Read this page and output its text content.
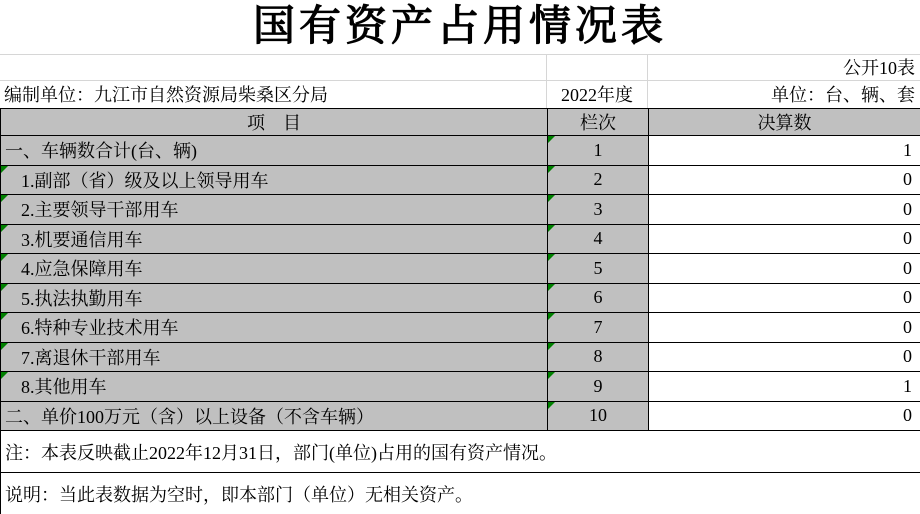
国有资产占用情况表
公开10表
编制单位：九江市自然资源局柴桑区分局	2022年度	单位：台、辆、套
项　目	栏次	决算数
一、车辆数合计(台、辆)	1	1

1.副部（省）级及以上领导用车	2	0

2.主要领导干部用车	3	0

3.机要通信用车	4	0

4.应急保障用车	5	0

5.执法执勤用车	6	0

6.特种专业技术用车	7	0

7.离退休干部用车	8	0

8.其他用车	9	1
二、单价100万元（含）以上设备（不含车辆）	10	0
注：本表反映截止2022年12月31日，部门(单位)占用的国有资产情况。		
说明：当此表数据为空时，即本部门（单位）无相关资产。		
